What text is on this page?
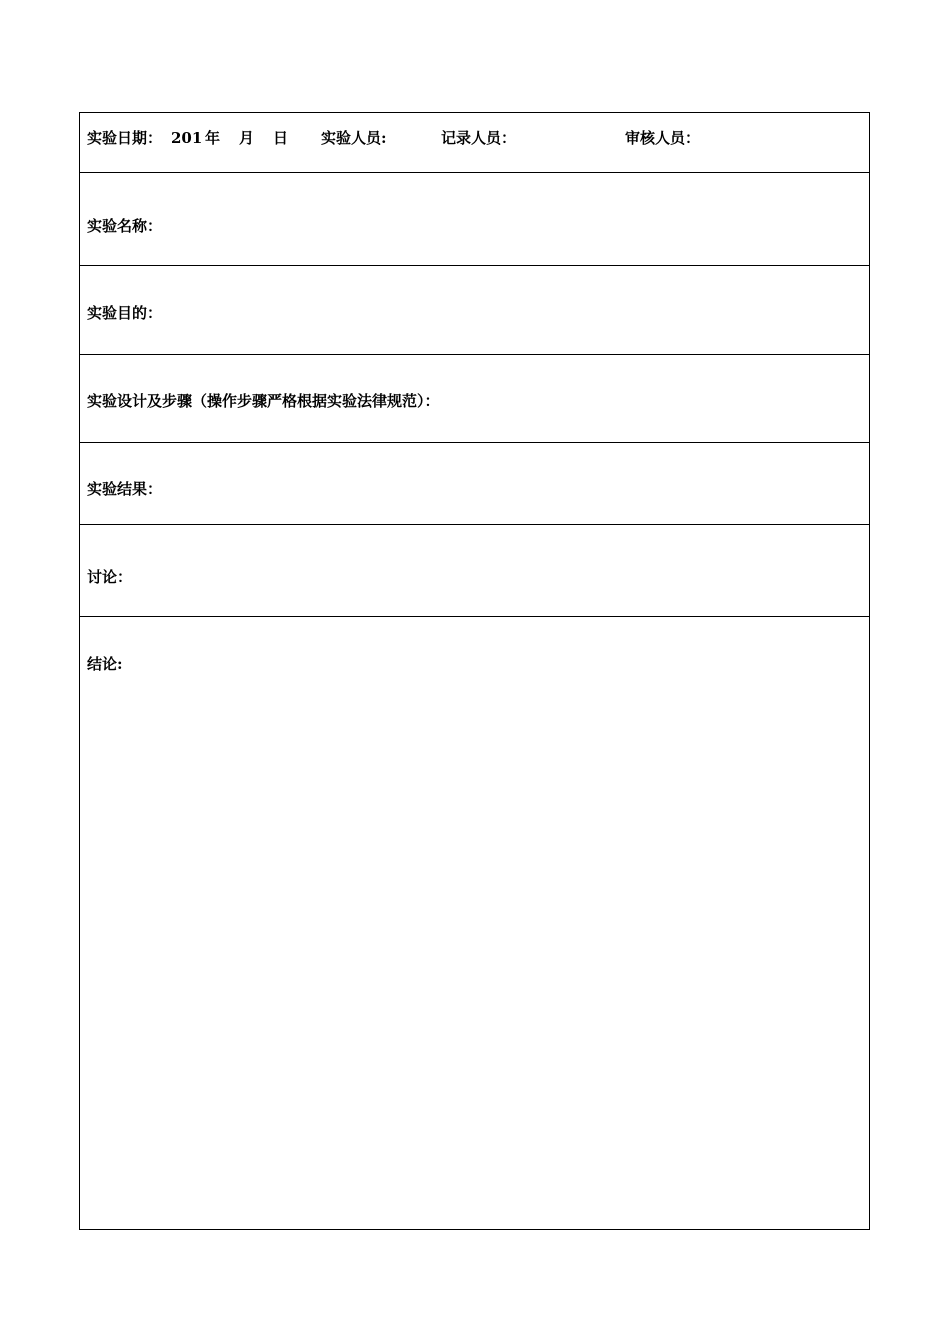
实验日期： 201 年 月 日 实验人员:	记录人员：	审核人员：
实验名称：
实验目的：
实验设计及步骤（操作步骤严格根据实验法律规范）：
实验结果：
讨论：
结论:
